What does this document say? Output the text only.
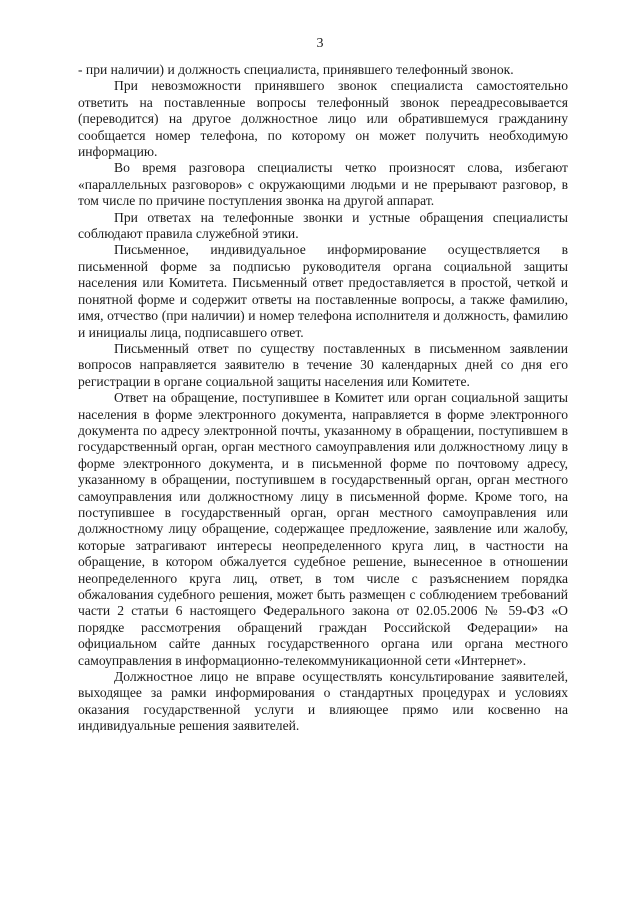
3

- при наличии) и должность специалиста, принявшего телефонный звонок.

При невозможности принявшего звонок специалиста самостоятельно ответить на поставленные вопросы телефонный звонок переадресовывается (переводится) на другое должностное лицо или обратившемуся гражданину сообщается номер телефона, по которому он может получить необходимую информацию.

Во время разговора специалисты четко произносят слова, избегают «параллельных разговоров» с окружающими людьми и не прерывают разговор, в том числе по причине поступления звонка на другой аппарат.

При ответах на телефонные звонки и устные обращения специалисты соблюдают правила служебной этики.

Письменное, индивидуальное информирование осуществляется в письменной форме за подписью руководителя органа социальной защиты населения или Комитета. Письменный ответ предоставляется в простой, четкой и понятной форме и содержит ответы на поставленные вопросы, а также фамилию, имя, отчество (при наличии) и номер телефона исполнителя и должность, фамилию и инициалы лица, подписавшего ответ.

Письменный ответ по существу поставленных в письменном заявлении вопросов направляется заявителю в течение 30 календарных дней со дня его регистрации в органе социальной защиты населения или Комитете.

Ответ на обращение, поступившее в Комитет или орган социальной защиты населения в форме электронного документа, направляется в форме электронного документа по адресу электронной почты, указанному в обращении, поступившем в государственный орган, орган местного самоуправления или должностному лицу в форме электронного документа, и в письменной форме по почтовому адресу, указанному в обращении, поступившем в государственный орган, орган местного самоуправления или должностному лицу в письменной форме. Кроме того, на поступившее в государственный орган, орган местного самоуправления или должностному лицу обращение, содержащее предложение, заявление или жалобу, которые затрагивают интересы неопределенного круга лиц, в частности на обращение, в котором обжалуется судебное решение, вынесенное в отношении неопределенного круга лиц, ответ, в том числе с разъяснением порядка обжалования судебного решения, может быть размещен с соблюдением требований части 2 статьи 6 настоящего Федерального закона от 02.05.2006 № 59-ФЗ «О порядке рассмотрения обращений граждан Российской Федерации» на официальном сайте данных государственного органа или органа местного самоуправления в информационно-телекоммуникационной сети «Интернет».

Должностное лицо не вправе осуществлять консультирование заявителей, выходящее за рамки информирования о стандартных процедурах и условиях оказания государственной услуги и влияющее прямо или косвенно на индивидуальные решения заявителей.
